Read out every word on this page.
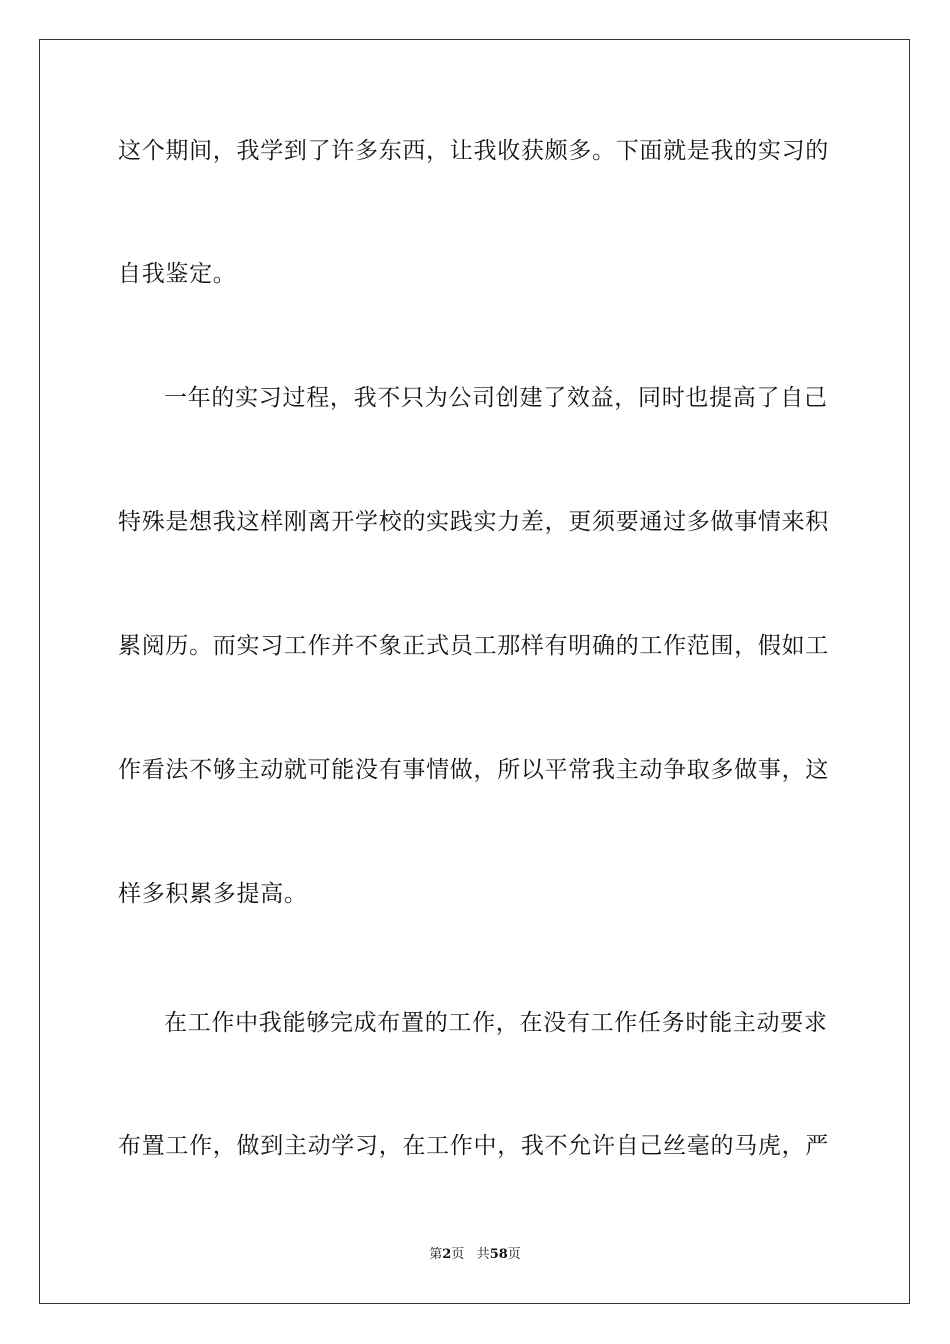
这个期间，我学到了许多东西，让我收获颇多。下面就是我的实习的
自我鉴定。
一年的实习过程，我不只为公司创建了效益，同时也提高了自己
特殊是想我这样刚离开学校的实践实力差，更须要通过多做事情来积
累阅历。而实习工作并不象正式员工那样有明确的工作范围，假如工
作看法不够主动就可能没有事情做，所以平常我主动争取多做事，这
样多积累多提高。
在工作中我能够完成布置的工作，在没有工作任务时能主动要求
布置工作，做到主动学习，在工作中，我不允许自己丝毫的马虎，严
第2页 共58页
